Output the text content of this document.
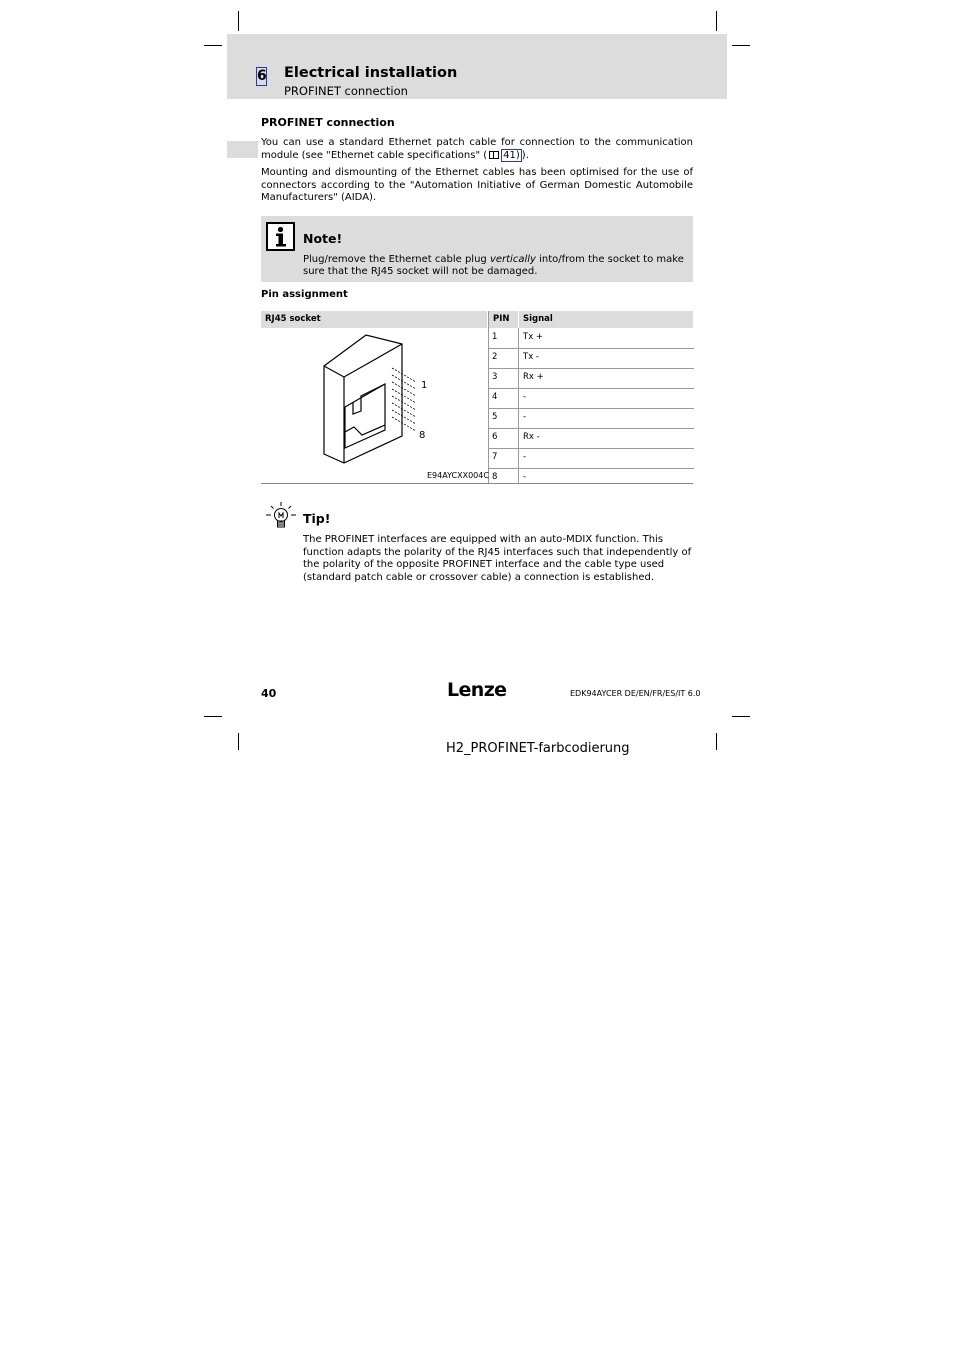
6 Electrical installation
PROFINET connection
PROFINET connection
You can use a standard Ethernet patch cable for connection to the communication module (see "Ethernet cable specifications" ( 41) ).
Mounting and dismounting of the Ethernet cables has been optimised for the use of connectors according to the "Automation Initiative of German Domestic Automobile Manufacturers" (AIDA).
Note!
Plug/remove the Ethernet cable plug vertically into/from the socket to make sure that the RJ45 socket will not be damaged.
Pin assignment
RJ45 socket	PIN	Signal
1
8
E94AYCXX004C
1	Tx +
2	Tx -
3	Rx +
4	-
5	-
6	Rx -
7	-
8	-
Tip!
The PROFINET interfaces are equipped with an auto-MDIX function. This function adapts the polarity of the RJ45 interfaces such that independently of the polarity of the opposite PROFINET interface and the cable type used (standard patch cable or crossover cable) a connection is established.
40	Lenze	EDK94AYCER DE/EN/FR/ES/IT 6.0
H2_PROFINET-farbcodierung
